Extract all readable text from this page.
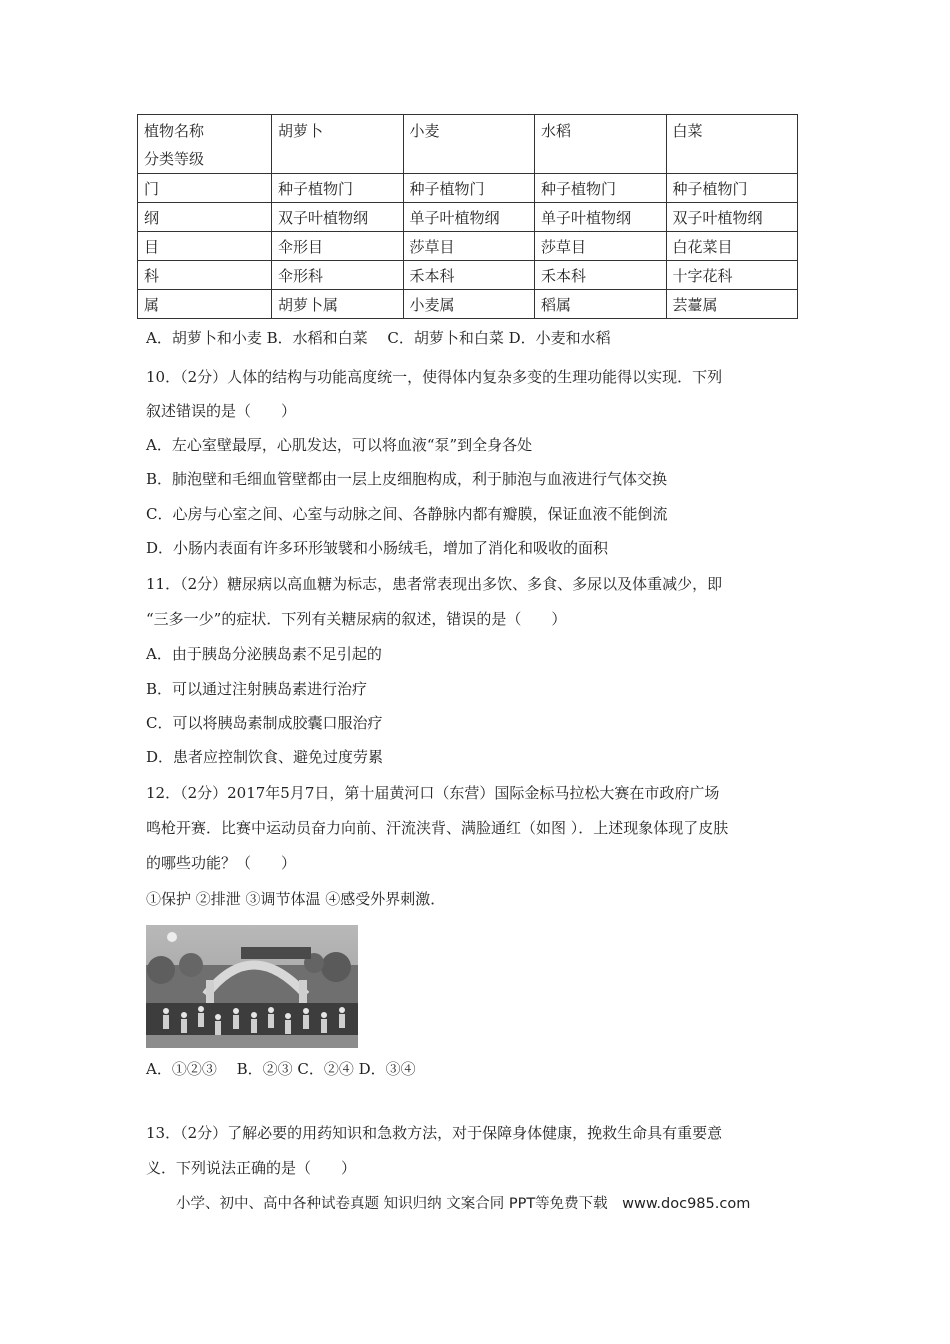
植物名称
分类等级	胡萝卜	小麦	水稻	白菜
门	种子植物门	种子植物门	种子植物门	种子植物门
纲	双子叶植物纲	单子叶植物纲	单子叶植物纲	双子叶植物纲
目	伞形目	莎草目	莎草目	白花菜目
科	伞形科	禾本科	禾本科	十字花科
属	胡萝卜属	小麦属	稻属	芸薹属
A．胡萝卜和小麦 B．水稻和白菜　 C．胡萝卜和白菜 D．小麦和水稻
10．（2分）人体的结构与功能高度统一，使得体内复杂多变的生理功能得以实现．下列
叙述错误的是（　　）
A．左心室壁最厚，心肌发达，可以将血液“泵”到全身各处
B．肺泡壁和毛细血管壁都由一层上皮细胞构成，利于肺泡与血液进行气体交换
C．心房与心室之间、心室与动脉之间、各静脉内都有瓣膜，保证血液不能倒流
D．小肠内表面有许多环形皱襞和小肠绒毛，增加了消化和吸收的面积
11．（2分）糖尿病以高血糖为标志，患者常表现出多饮、多食、多尿以及体重减少，即
“三多一少”的症状．下列有关糖尿病的叙述，错误的是（　　）
A．由于胰岛分泌胰岛素不足引起的
B．可以通过注射胰岛素进行治疗
C．可以将胰岛素制成胶囊口服治疗
D．患者应控制饮食、避免过度劳累
12．（2分）2017年5月7日，第十届黄河口（东营）国际金标马拉松大赛在市政府广场
鸣枪开赛．比赛中运动员奋力向前、汗流浃背、满脸通红（如图 ）．上述现象体现了皮肤
的哪些功能？（　　）
①保护 ②排泄 ③调节体温 ④感受外界刺激．
A．①②③　 B．②③ C．②④ D．③④
13．（2分）了解必要的用药知识和急救方法，对于保障身体健康，挽救生命具有重要意
义．下列说法正确的是（　　）
小学、初中、高中各种试卷真题 知识归纳 文案合同 PPT等免费下载　www.doc985.com
